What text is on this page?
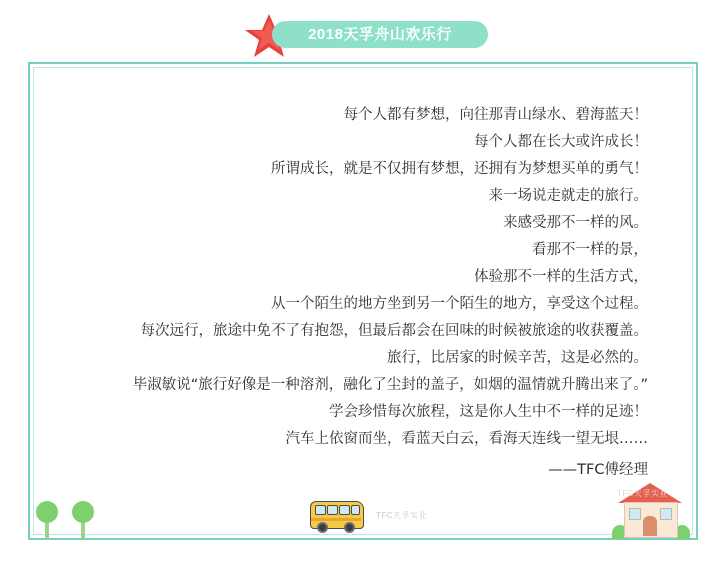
2018天孚舟山欢乐行
每个人都有梦想，向往那青山绿水、碧海蓝天！
每个人都在长大或许成长！
所谓成长，就是不仅拥有梦想，还拥有为梦想买单的勇气！
来一场说走就走的旅行。
来感受那不一样的风。
看那不一样的景，
体验那不一样的生活方式，
从一个陌生的地方坐到另一个陌生的地方，享受这个过程。
每次远行，旅途中免不了有抱怨，但最后都会在回味的时候被旅途的收获覆盖。
旅行，比居家的时候辛苦，这是必然的。
毕淑敏说“旅行好像是一种溶剂，融化了尘封的盖子，如烟的温情就升腾出来了。”
学会珍惜每次旅程，这是你人生中不一样的足迹！
汽车上依窗而坐，看蓝天白云，看海天连线一望无垠……
——TFC傅经理
TFC天孚实业
TFC天孚实业
